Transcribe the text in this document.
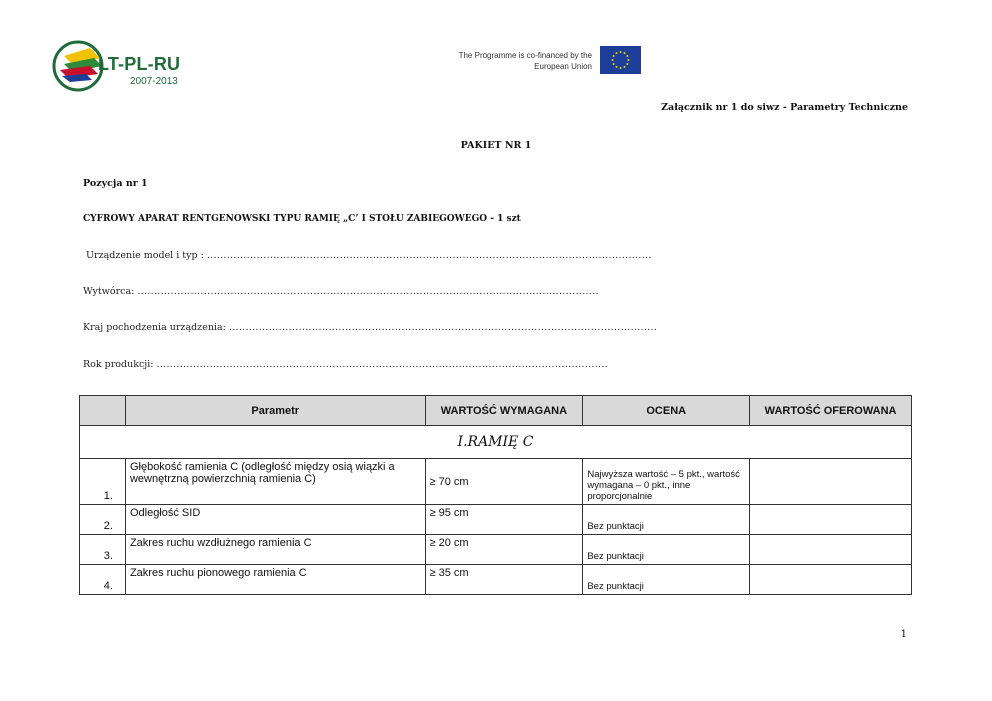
LT-PL-RU
2007-2013
The Programme is co-financed by the
European Union
Załącznik nr 1 do siwz - Parametry Techniczne
PAKIET NR 1
Pozycja nr 1
CYFROWY APARAT RENTGENOWSKI TYPU RAMIĘ „C’ I STOŁU ZABIEGOWEGO - 1 szt
Urządzenie model i typ : ......................................................................................................................................
Wytwórca: ...........................................................................................................................................
Kraj pochodzenia urządzenia: .................................................................................................................................
Rok produkcji: ........................................................................................................................................
	Parametr	WARTOŚĆ WYMAGANA	OCENA	WARTOŚĆ OFEROWANA
I.RAMIĘ C				
1.	Głębokość ramienia C (odległość między osią wiązki a wewnętrzną powierzchnią ramienia C)	≥ 70 cm	Najwyższa wartość – 5 pkt., wartość wymagana – 0 pkt., inne proporcjonalnie	
2.	Odległość SID	≥ 95 cm	Bez punktacji	
3.	Zakres ruchu wzdłużnego ramienia C	≥ 20 cm	Bez punktacji	
4.	Zakres ruchu pionowego ramienia C	≥ 35 cm	Bez punktacji	
1
